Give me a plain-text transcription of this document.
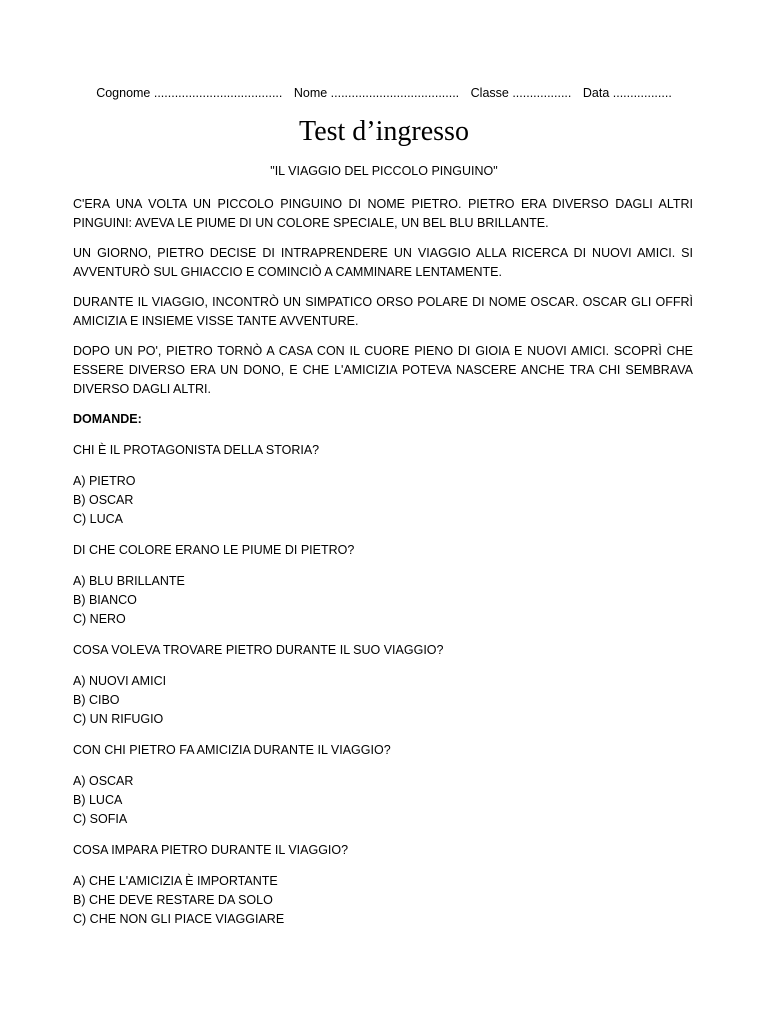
Cognome ..................................... Nome ..................................... Classe ................. Data .................
Test d’ingresso
"IL VIAGGIO DEL PICCOLO PINGUINO"

C'ERA UNA VOLTA UN PICCOLO PINGUINO DI NOME PIETRO. PIETRO ERA DIVERSO DAGLI ALTRI PINGUINI: AVEVA LE PIUME DI UN COLORE SPECIALE, UN BEL BLU BRILLANTE.

UN GIORNO, PIETRO DECISE DI INTRAPRENDERE UN VIAGGIO ALLA RICERCA DI NUOVI AMICI. SI AVVENTURÒ SUL GHIACCIO E COMINCIÒ A CAMMINARE LENTAMENTE.

DURANTE IL VIAGGIO, INCONTRÒ UN SIMPATICO ORSO POLARE DI NOME OSCAR. OSCAR GLI OFFRÌ AMICIZIA E INSIEME VISSE TANTE AVVENTURE.

DOPO UN PO', PIETRO TORNÒ A CASA CON IL CUORE PIENO DI GIOIA E NUOVI AMICI. SCOPRÌ CHE ESSERE DIVERSO ERA UN DONO, E CHE L'AMICIZIA POTEVA NASCERE ANCHE TRA CHI SEMBRAVA DIVERSO DAGLI ALTRI.

DOMANDE:
CHI È IL PROTAGONISTA DELLA STORIA?
A) PIETRO
B) OSCAR
C) LUCA
DI CHE COLORE ERANO LE PIUME DI PIETRO?
A) BLU BRILLANTE
B) BIANCO
C) NERO
COSA VOLEVA TROVARE PIETRO DURANTE IL SUO VIAGGIO?
A) NUOVI AMICI
B) CIBO
C) UN RIFUGIO
CON CHI PIETRO FA AMICIZIA DURANTE IL VIAGGIO?
A) OSCAR
B) LUCA
C) SOFIA
COSA IMPARA PIETRO DURANTE IL VIAGGIO?
A) CHE L'AMICIZIA È IMPORTANTE
B) CHE DEVE RESTARE DA SOLO
C) CHE NON GLI PIACE VIAGGIARE
